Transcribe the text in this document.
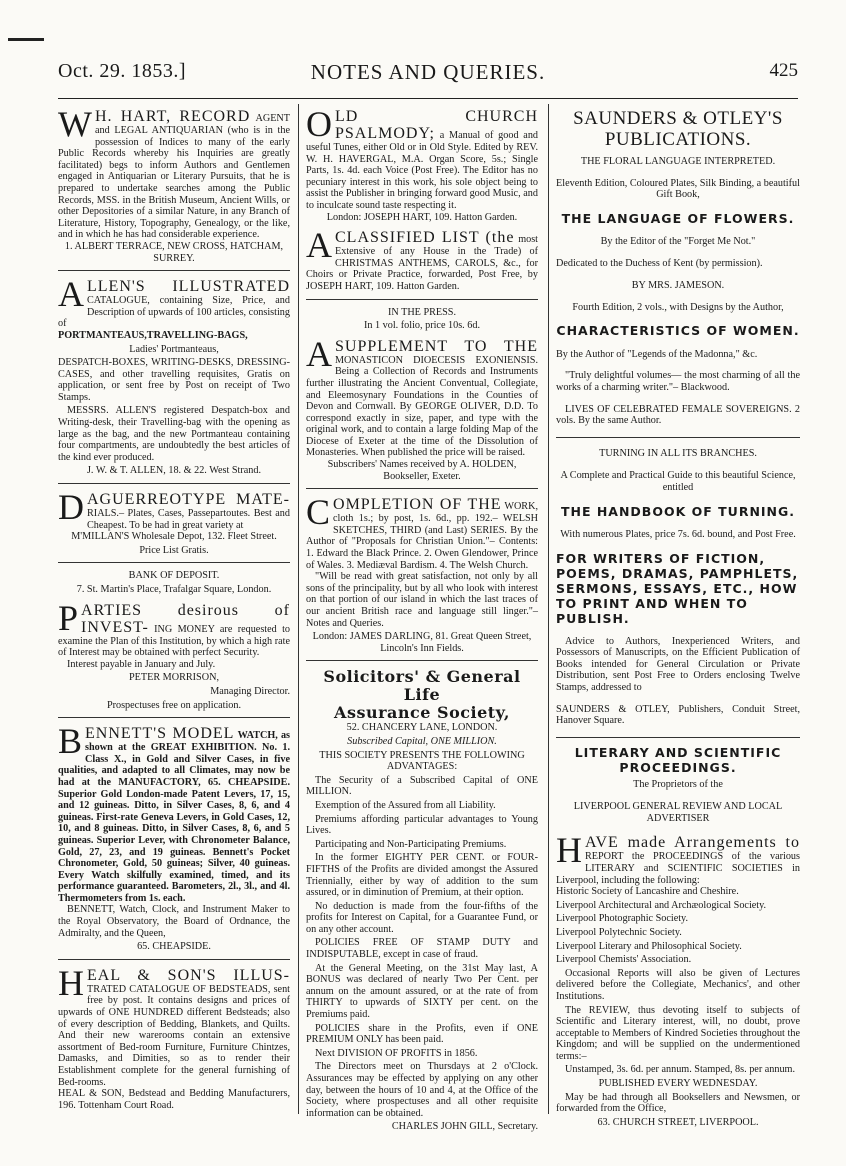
Oct. 29. 1853.]	NOTES AND QUERIES.	425
W H. HART, RECORD AGENT and LEGAL ANTIQUARIAN (who is in the possession of Indices to many of the early Public Records whereby his Inquiries are greatly facilitated) begs to inform Authors and Gentlemen engaged in Antiquarian or Literary Pursuits, that he is prepared to undertake searches among the Public Records, MSS. in the British Museum, Ancient Wills, or other Depositories of a similar Nature, in any Branch of Literature, History, Topography, Genealogy, or the like, and in which he has had considerable experience.

1. ALBERT TERRACE, NEW CROSS, HATCHAM, SURREY.

A LLEN'S ILLUSTRATED CATALOGUE, containing Size, Price, and Description of upwards of 100 articles, consisting of

PORTMANTEAUS,TRAVELLING-BAGS,

Ladies' Portmanteaus,

DESPATCH-BOXES, WRITING-DESKS, DRESSING-CASES, and other travelling requisites, Gratis on application, or sent free by Post on receipt of Two Stamps.

MESSRS. ALLEN'S registered Despatch-box and Writing-desk, their Travelling-bag with the opening as large as the bag, and the new Portmanteau containing four compartments, are undoubtedly the best articles of the kind ever produced.

J. W. & T. ALLEN, 18. & 22. West Strand.

D AGUERREOTYPE MATE- RIALS.– Plates, Cases, Passepartoutes. Best and Cheapest. To be had in great variety at

M'MILLAN'S Wholesale Depot, 132. Fleet Street.

Price List Gratis.

BANK OF DEPOSIT.

7. St. Martin's Place, Trafalgar Square, London.

P ARTIES desirous of INVEST- ING MONEY are requested to examine the Plan of this Institution, by which a high rate of Interest may be obtained with perfect Security.

Interest payable in January and July.

PETER MORRISON,

Managing Director.

Prospectuses free on application.

B ENNETT'S MODEL WATCH, as shown at the GREAT EXHIBITION. No. 1. Class X., in Gold and Silver Cases, in five qualities, and adapted to all Climates, may now be had at the MANUFACTORY, 65. CHEAPSIDE. Superior Gold London-made Patent Levers, 17, 15, and 12 guineas. Ditto, in Silver Cases, 8, 6, and 4 guineas. First-rate Geneva Levers, in Gold Cases, 12, 10, and 8 guineas. Ditto, in Silver Cases, 8, 6, and 5 guineas. Superior Lever, with Chronometer Balance, Gold, 27, 23, and 19 guineas. Bennett's Pocket Chronometer, Gold, 50 guineas; Silver, 40 guineas. Every Watch skilfully examined, timed, and its performance guaranteed. Barometers, 2l., 3l., and 4l. Thermometers from 1s. each.

BENNETT, Watch, Clock, and Instrument Maker to the Royal Observatory, the Board of Ordnance, the Admiralty, and the Queen,

65. CHEAPSIDE.

H EAL & SON'S ILLUS- TRATED CATALOGUE OF BEDSTEADS, sent free by post. It contains designs and prices of upwards of ONE HUNDRED different Bedsteads; also of every description of Bedding, Blankets, and Quilts. And their new warerooms contain an extensive assortment of Bed-room Furniture, Furniture Chintzes, Damasks, and Dimities, so as to render their Establishment complete for the general furnishing of Bed-rooms.

HEAL & SON, Bedstead and Bedding Manufacturers, 196. Tottenham Court Road.

O LD CHURCH PSALMODY; a Manual of good and useful Tunes, either Old or in Old Style. Edited by REV. W. H. HAVERGAL, M.A. Organ Score, 5s.; Single Parts, 1s. 4d. each Voice (Post Free). The Editor has no pecuniary interest in this work, his sole object being to assist the Publisher in bringing forward good Music, and to inculcate sound taste respecting it.

London: JOSEPH HART, 109. Hatton Garden.

A CLASSIFIED LIST (the most Extensive of any House in the Trade) of CHRISTMAS ANTHEMS, CAROLS, &c., for Choirs or Private Practice, forwarded, Post Free, by JOSEPH HART, 109. Hatton Garden.

IN THE PRESS.

In 1 vol. folio, price 10s. 6d.

A SUPPLEMENT TO THE MONASTICON DIOECESIS EXONIENSIS. Being a Collection of Records and Instruments further illustrating the Ancient Conventual, Collegiate, and Eleemosynary Foundations in the Counties of Devon and Cornwall. By GEORGE OLIVER, D.D. To correspond exactly in size, paper, and type with the original work, and to contain a large folding Map of the Diocese of Exeter at the time of the Dissolution of Monasteries. When published the price will be raised.

Subscribers' Names received by A. HOLDEN, Bookseller, Exeter.

C OMPLETION OF THE WORK, cloth 1s.; by post, 1s. 6d., pp. 192.– WELSH SKETCHES, THIRD (and Last) SERIES. By the Author of "Proposals for Christian Union."– Contents: 1. Edward the Black Prince. 2. Owen Glendower, Prince of Wales. 3. Mediæval Bardism. 4. The Welsh Church.

"Will be read with great satisfaction, not only by all sons of the principality, but by all who look with interest on that portion of our island in which the last traces of our ancient British race and language still linger."– Notes and Queries.

London: JAMES DARLING, 81. Great Queen Street, Lincoln's Inn Fields.

Solicitors' & General Life
Assurance Society,

52. CHANCERY LANE, LONDON.

Subscribed Capital, ONE MILLION.

THIS SOCIETY PRESENTS THE FOLLOWING ADVANTAGES:

The Security of a Subscribed Capital of ONE MILLION.

Exemption of the Assured from all Liability.

Premiums affording particular advantages to Young Lives.

Participating and Non-Participating Premiums.

In the former EIGHTY PER CENT. or FOUR-FIFTHS of the Profits are divided amongst the Assured Triennially, either by way of addition to the sum assured, or in diminution of Premium, at their option.

No deduction is made from the four-fifths of the profits for Interest on Capital, for a Guarantee Fund, or on any other account.

POLICIES FREE OF STAMP DUTY and INDISPUTABLE, except in case of fraud.

At the General Meeting, on the 31st May last, A BONUS was declared of nearly Two Per Cent. per annum on the amount assured, or at the rate of from THIRTY to upwards of SIXTY per cent. on the Premiums paid.

POLICIES share in the Profits, even if ONE PREMIUM ONLY has been paid.

Next DIVISION OF PROFITS in 1856.

The Directors meet on Thursdays at 2 o'Clock. Assurances may be effected by applying on any other day, between the hours of 10 and 4, at the Office of the Society, where prospectuses and all other requisite information can be obtained.

CHARLES JOHN GILL, Secretary.

SAUNDERS & OTLEY'S PUBLICATIONS.

THE FLORAL LANGUAGE INTERPRETED.

Eleventh Edition, Coloured Plates, Silk Binding, a beautiful Gift Book,

THE LANGUAGE OF FLOWERS.

By the Editor of the "Forget Me Not."

Dedicated to the Duchess of Kent (by permission).

BY MRS. JAMESON.

Fourth Edition, 2 vols., with Designs by the Author,

CHARACTERISTICS OF WOMEN.

By the Author of "Legends of the Madonna," &c.

"Truly delightful volumes— the most charming of all the works of a charming writer."– Blackwood.

LIVES OF CELEBRATED FEMALE SOVEREIGNS. 2 vols. By the same Author.

TURNING IN ALL ITS BRANCHES.

A Complete and Practical Guide to this beautiful Science, entitled

THE HANDBOOK OF TURNING.

With numerous Plates, price 7s. 6d. bound, and Post Free.

FOR WRITERS OF FICTION, POEMS, DRAMAS, PAMPHLETS, SERMONS, ESSAYS, ETC., HOW TO PRINT AND WHEN TO PUBLISH.

Advice to Authors, Inexperienced Writers, and Possessors of Manuscripts, on the Efficient Publication of Books intended for General Circulation or Private Distribution, sent Post Free to Orders enclosing Twelve Stamps, addressed to

SAUNDERS & OTLEY, Publishers, Conduit Street, Hanover Square.

LITERARY AND SCIENTIFIC PROCEEDINGS.

The Proprietors of the

LIVERPOOL GENERAL REVIEW AND LOCAL ADVERTISER

H AVE made Arrangements to REPORT the PROCEEDINGS of the various LITERARY and SCIENTIFIC SOCIETIES in Liverpool, including the following:

Historic Society of Lancashire and Cheshire.

Liverpool Architectural and Archæological Society.

Liverpool Photographic Society.

Liverpool Polytechnic Society.

Liverpool Literary and Philosophical Society.

Liverpool Chemists' Association.

Occasional Reports will also be given of Lectures delivered before the Collegiate, Mechanics', and other Institutions.

The REVIEW, thus devoting itself to subjects of Scientific and Literary interest, will, no doubt, prove acceptable to Members of Kindred Societies throughout the Kingdom; and will be supplied on the undermentioned terms:–

Unstamped, 3s. 6d. per annum. Stamped, 8s. per annum.

PUBLISHED EVERY WEDNESDAY.

May be had through all Booksellers and Newsmen, or forwarded from the Office,

63. CHURCH STREET, LIVERPOOL.
